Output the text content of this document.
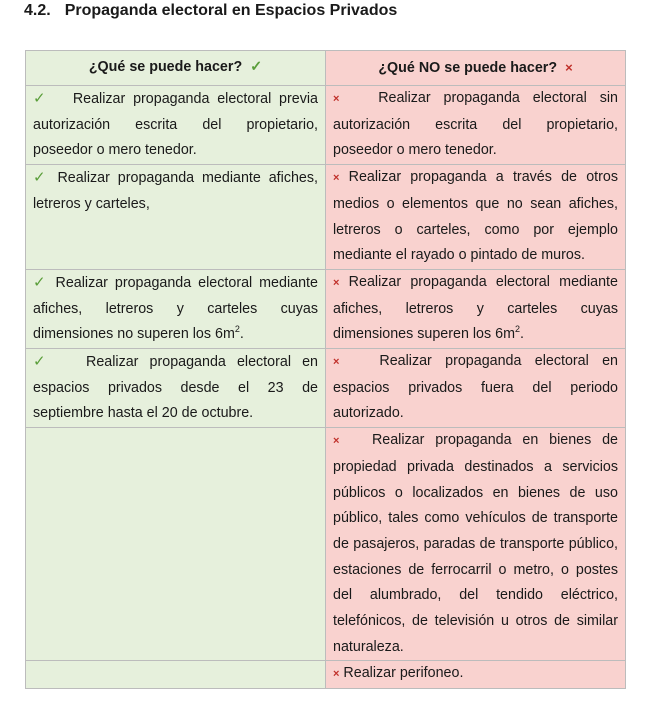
4.2. Propaganda electoral en Espacios Privados
¿Qué se puede hacer? ✓	¿Qué NO se puede hacer? ×
✓ Realizar propaganda electoral previa autorización escrita del propietario, poseedor o mero tenedor.	× Realizar propaganda electoral sin autorización escrita del propietario, poseedor o mero tenedor.
✓ Realizar propaganda mediante afiches, letreros y carteles,	× Realizar propaganda a través de otros medios o elementos que no sean afiches, letreros o carteles, como por ejemplo mediante el rayado o pintado de muros.
✓ Realizar propaganda electoral mediante afiches, letreros y carteles cuyas dimensiones no superen los $6m^2$.	× Realizar propaganda electoral mediante afiches, letreros y carteles cuyas dimensiones superen los $6m^2$.
✓ Realizar propaganda electoral en espacios privados desde el 23 de septiembre hasta el 20 de octubre.	× Realizar propaganda electoral en espacios privados fuera del periodo autorizado.
	× Realizar propaganda en bienes de propiedad privada destinados a servicios públicos o localizados en bienes de uso público, tales como vehículos de transporte de pasajeros, paradas de transporte público, estaciones de ferrocarril o metro, o postes del alumbrado, del tendido eléctrico, telefónicos, de televisión u otros de similar naturaleza.
	× Realizar perifoneo.
